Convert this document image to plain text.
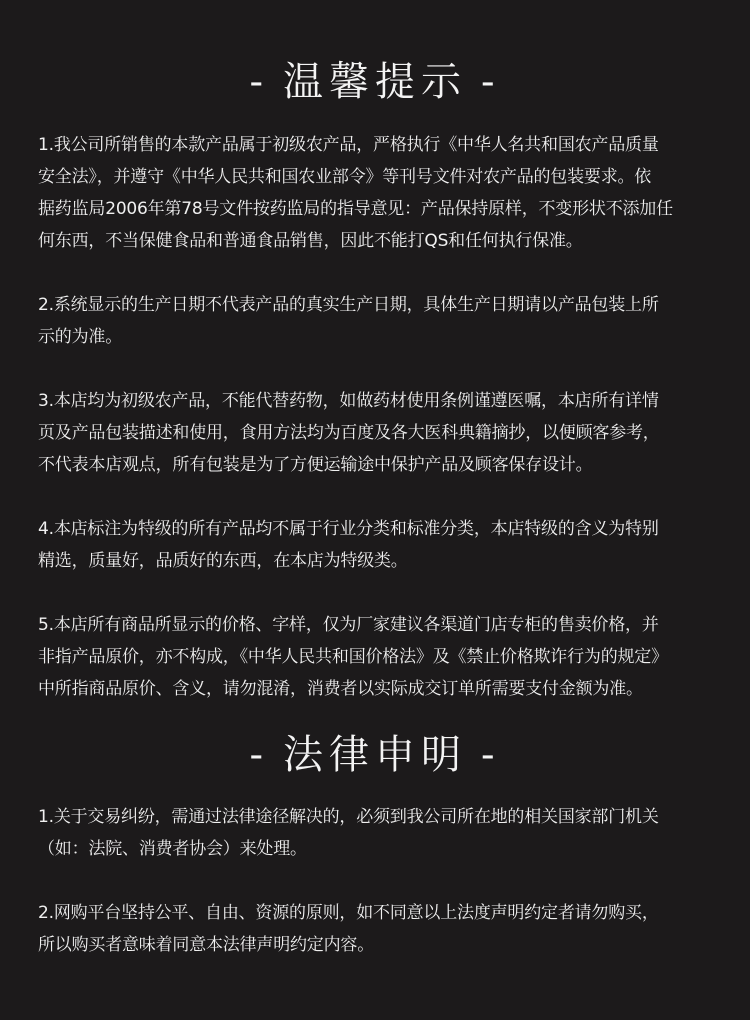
- 温馨提示 -
1.我公司所销售的本款产品属于初级农产品，严格执行《中华人名共和国农产品质量
安全法》，并遵守《中华人民共和国农业部令》等刊号文件对农产品的包装要求。依
据药监局2006年第78号文件按药监局的指导意见：产品保持原样，不变形状不添加任
何东西，不当保健食品和普通食品销售，因此不能打QS和任何执行保准。
2.系统显示的生产日期不代表产品的真实生产日期，具体生产日期请以产品包装上所
示的为准。
3.本店均为初级农产品，不能代替药物，如做药材使用条例谨遵医嘱，本店所有详情
页及产品包装描述和使用，食用方法均为百度及各大医科典籍摘抄，以便顾客参考，
不代表本店观点，所有包装是为了方便运输途中保护产品及顾客保存设计。
4.本店标注为特级的所有产品均不属于行业分类和标准分类，本店特级的含义为特别
精选，质量好，品质好的东西，在本店为特级类。
5.本店所有商品所显示的价格、字样，仅为厂家建议各渠道门店专柜的售卖价格，并
非指产品原价，亦不构成，《中华人民共和国价格法》及《禁止价格欺诈行为的规定》
中所指商品原价、含义，请勿混淆，消费者以实际成交订单所需要支付金额为准。
- 法律申明 -
1.关于交易纠纷，需通过法律途径解决的，必须到我公司所在地的相关国家部门机关
（如：法院、消费者协会）来处理。
2.网购平台坚持公平、自由、资源的原则，如不同意以上法度声明约定者请勿购买，
所以购买者意味着同意本法律声明约定内容。
